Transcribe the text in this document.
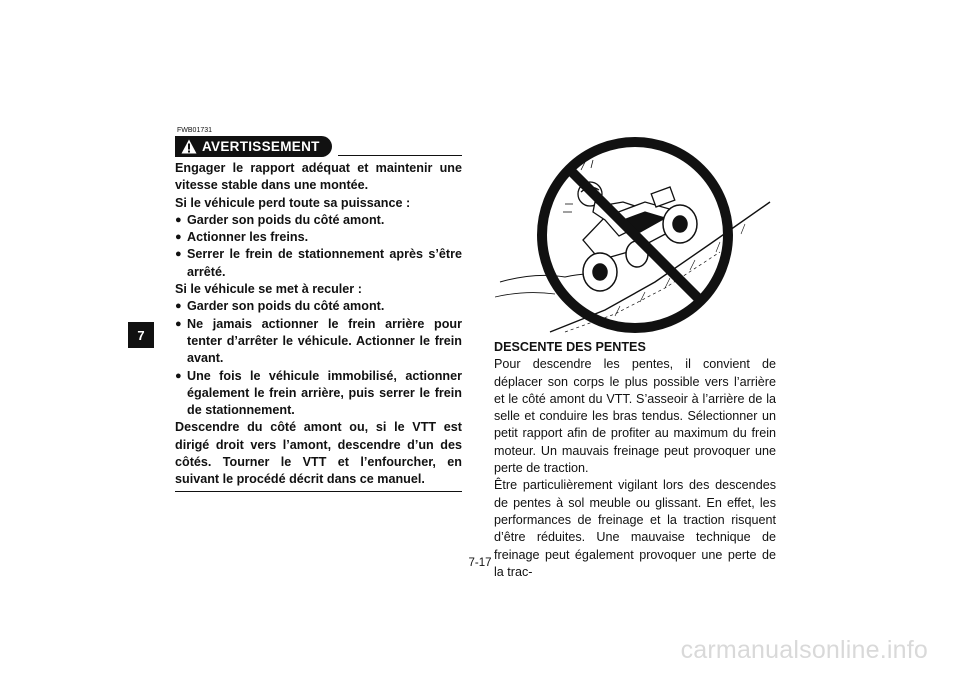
7
FWB01731
AVERTISSEMENT

Engager le rapport adéquat et maintenir une vitesse stable dans une montée.

Si le véhicule perd toute sa puissance :

● Garder son poids du côté amont.
● Actionner les freins.
● Serrer le frein de stationnement après s’être arrêté.

Si le véhicule se met à reculer :

● Garder son poids du côté amont.
● Ne jamais actionner le frein arrière pour tenter d’arrêter le véhicule. Actionner le frein avant.
● Une fois le véhicule immobilisé, actionner également le frein arrière, puis serrer le frein de stationnement.

Descendre du côté amont ou, si le VTT est dirigé droit vers l’amont, descendre d’un des côtés. Tourner le VTT et l’enfourcher, en suivant le procédé décrit dans ce manuel.

DESCENTE DES PENTES

Pour descendre les pentes, il convient de déplacer son corps le plus possible vers l’arrière et le côté amont du VTT. S’asseoir à l’arrière de la selle et conduire les bras tendus. Sélectionner un petit rapport afin de profiter au maximum du frein moteur. Un mauvais freinage peut provoquer une perte de traction.

Être particulièrement vigilant lors des descendes de pentes à sol meuble ou glissant. En effet, les performances de freinage et la traction risquent d’être réduites. Une mauvaise technique de freinage peut également provoquer une perte de la trac-

7-17
carmanualsonline.info
